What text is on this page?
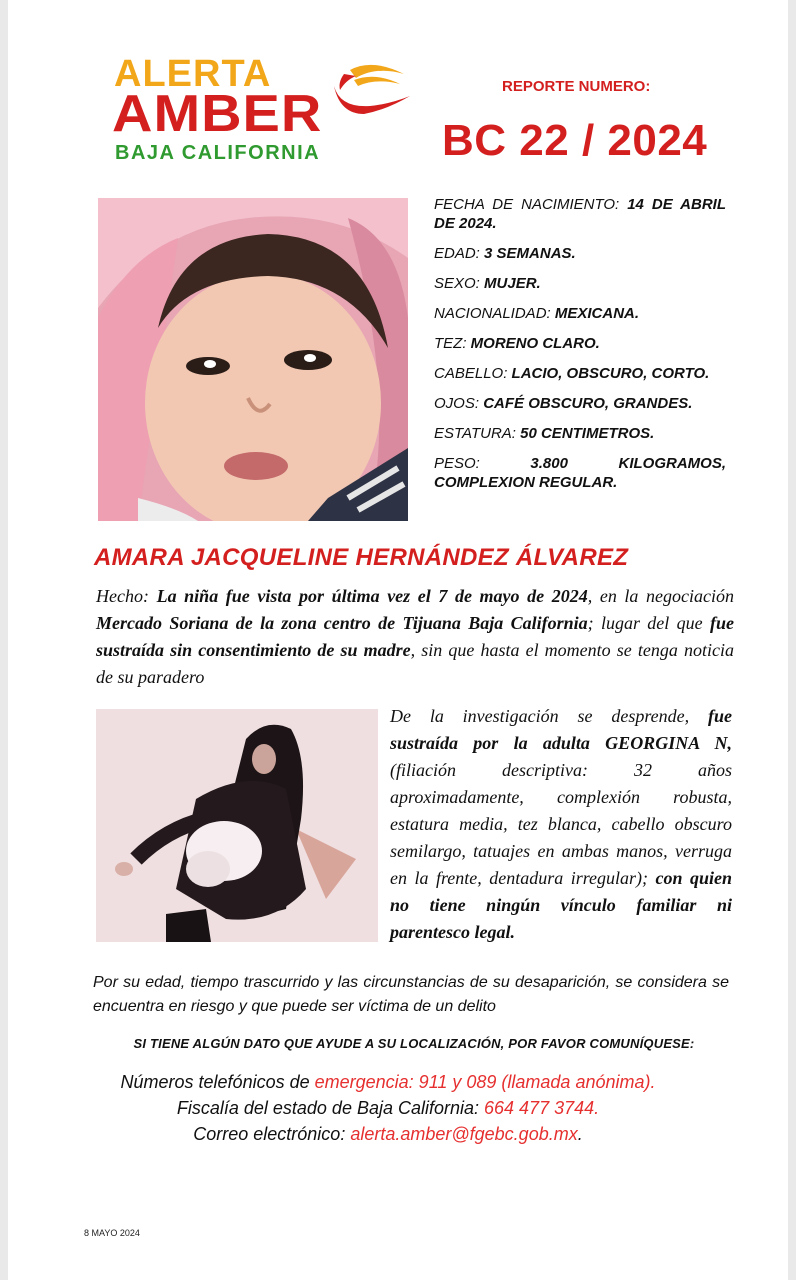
ALERTA
AMBER
BAJA CALIFORNIA
REPORTE NUMERO:
BC 22 / 2024
FECHA DE NACIMIENTO: 14 DE ABRIL DE 2024.
EDAD: 3 SEMANAS.
SEXO: MUJER.
NACIONALIDAD: MEXICANA.
TEZ: MORENO CLARO.
CABELLO: LACIO, OBSCURO, CORTO.
OJOS: CAFÉ OBSCURO, GRANDES.
ESTATURA: 50 CENTIMETROS.
PESO:	3.800 KILOGRAMOS, COMPLEXION REGULAR.
AMARA JACQUELINE HERNÁNDEZ ÁLVAREZ
Hecho: La niña fue vista por última vez el 7 de mayo de 2024, en la negociación Mercado Soriana de la zona centro de Tijuana Baja California; lugar del que fue sustraída sin consentimiento de su madre, sin que hasta el momento se tenga noticia de su paradero
De la investigación se desprende, fue sustraída por la adulta GEORGINA N, (filiación descriptiva: 32 años aproximadamente, complexión robusta, estatura media, tez blanca, cabello obscuro semilargo, tatuajes en ambas manos, verruga en la frente, dentadura irregular); con quien no tiene ningún vínculo familiar ni parentesco legal.
Por su edad, tiempo trascurrido y las circunstancias de su desaparición, se considera se encuentra en riesgo y que puede ser víctima de un delito
SI TIENE ALGÚN DATO QUE AYUDE A SU LOCALIZACIÓN, POR FAVOR COMUNÍQUESE:
Números telefónicos de emergencia: 911 y 089 (llamada anónima).
Fiscalía del estado de Baja California: 664 477 3744.
Correo electrónico: alerta.amber@fgebc.gob.mx.
8 MAYO 2024
